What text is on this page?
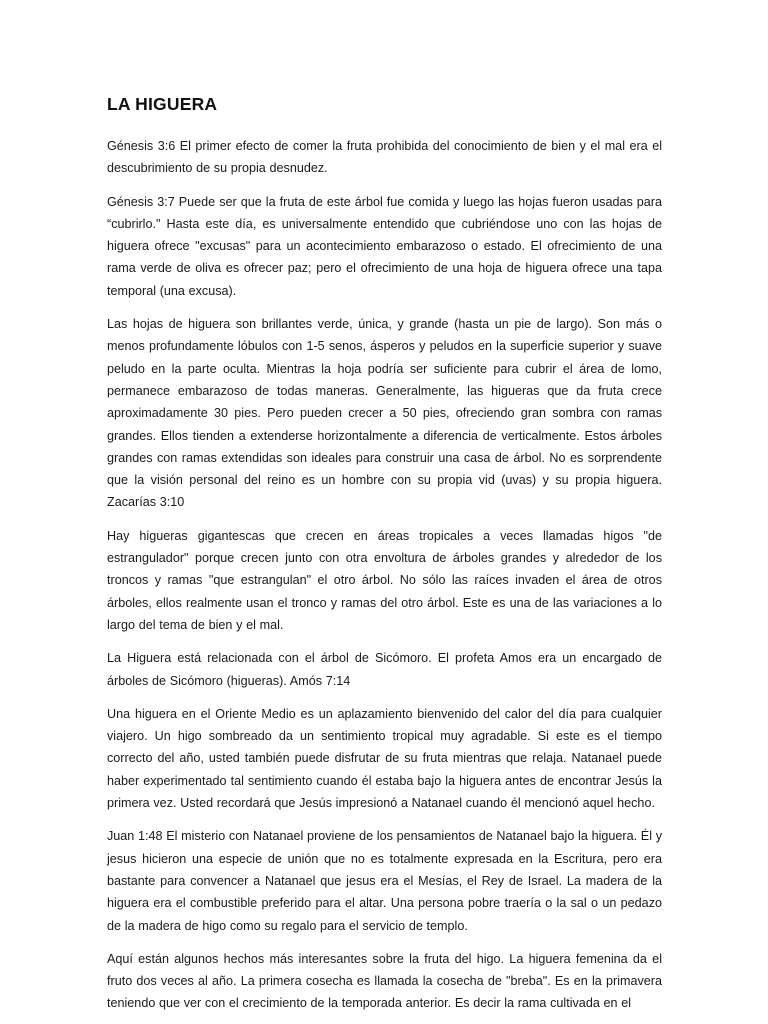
LA HIGUERA

Génesis 3:6 El primer efecto de comer la fruta prohibida del conocimiento de bien y el mal era el descubrimiento de su propia desnudez.

Génesis 3:7 Puede ser que la fruta de este árbol fue comida y luego las hojas fueron usadas para “cubrirlo." Hasta este día, es universalmente entendido que cubriéndose uno con las hojas de higuera ofrece "excusas" para un acontecimiento embarazoso o estado. El ofrecimiento de una rama verde de oliva es ofrecer paz; pero el ofrecimiento de una hoja de higuera ofrece una tapa temporal (una excusa).

Las hojas de higuera son brillantes verde, única, y grande (hasta un pie de largo). Son más o menos profundamente lóbulos con 1-5 senos, ásperos y peludos en la superficie superior y suave peludo en la parte oculta. Mientras la hoja podría ser suficiente para cubrir el área de lomo, permanece embarazoso de todas maneras. Generalmente, las higueras que da fruta crece aproximadamente 30 pies. Pero pueden crecer a 50 pies, ofreciendo gran sombra con ramas grandes. Ellos tienden a extenderse horizontalmente a diferencia de verticalmente. Estos árboles grandes con ramas extendidas son ideales para construir una casa de árbol. No es sorprendente que la visión personal del reino es un hombre con su propia vid (uvas) y su propia higuera. Zacarías 3:10

Hay higueras gigantescas que crecen en áreas tropicales a veces llamadas higos "de estrangulador" porque crecen junto con otra envoltura de árboles grandes y alrededor de los troncos y ramas "que estrangulan" el otro árbol. No sólo las raíces invaden el área de otros árboles, ellos realmente usan el tronco y ramas del otro árbol. Este es una de las variaciones a lo largo del tema de bien y el mal.

La Higuera está relacionada con el árbol de Sicómoro. El profeta Amos era un encargado de árboles de Sicómoro (higueras). Amós 7:14

Una higuera en el Oriente Medio es un aplazamiento bienvenido del calor del día para cualquier viajero. Un higo sombreado da un sentimiento tropical muy agradable. Si este es el tiempo correcto del año, usted también puede disfrutar de su fruta mientras que relaja. Natanael puede haber experimentado tal sentimiento cuando él estaba bajo la higuera antes de encontrar Jesús la primera vez. Usted recordará que Jesús impresionó a Natanael cuando él mencionó aquel hecho.

Juan 1:48 El misterio con Natanael proviene de los pensamientos de Natanael bajo la higuera. Él y jesus hicieron una especie de unión que no es totalmente expresada en la Escritura, pero era bastante para convencer a Natanael que jesus era el Mesías, el Rey de Israel. La madera de la higuera era el combustible preferido para el altar. Una persona pobre traería o la sal o un pedazo de la madera de higo como su regalo para el servicio de templo.

Aquí están algunos hechos más interesantes sobre la fruta del higo. La higuera femenina da el fruto dos veces al año. La primera cosecha es llamada la cosecha de "breba". Es en la primavera teniendo que ver con el crecimiento de la temporada anterior. Es decir la rama cultivada en el
